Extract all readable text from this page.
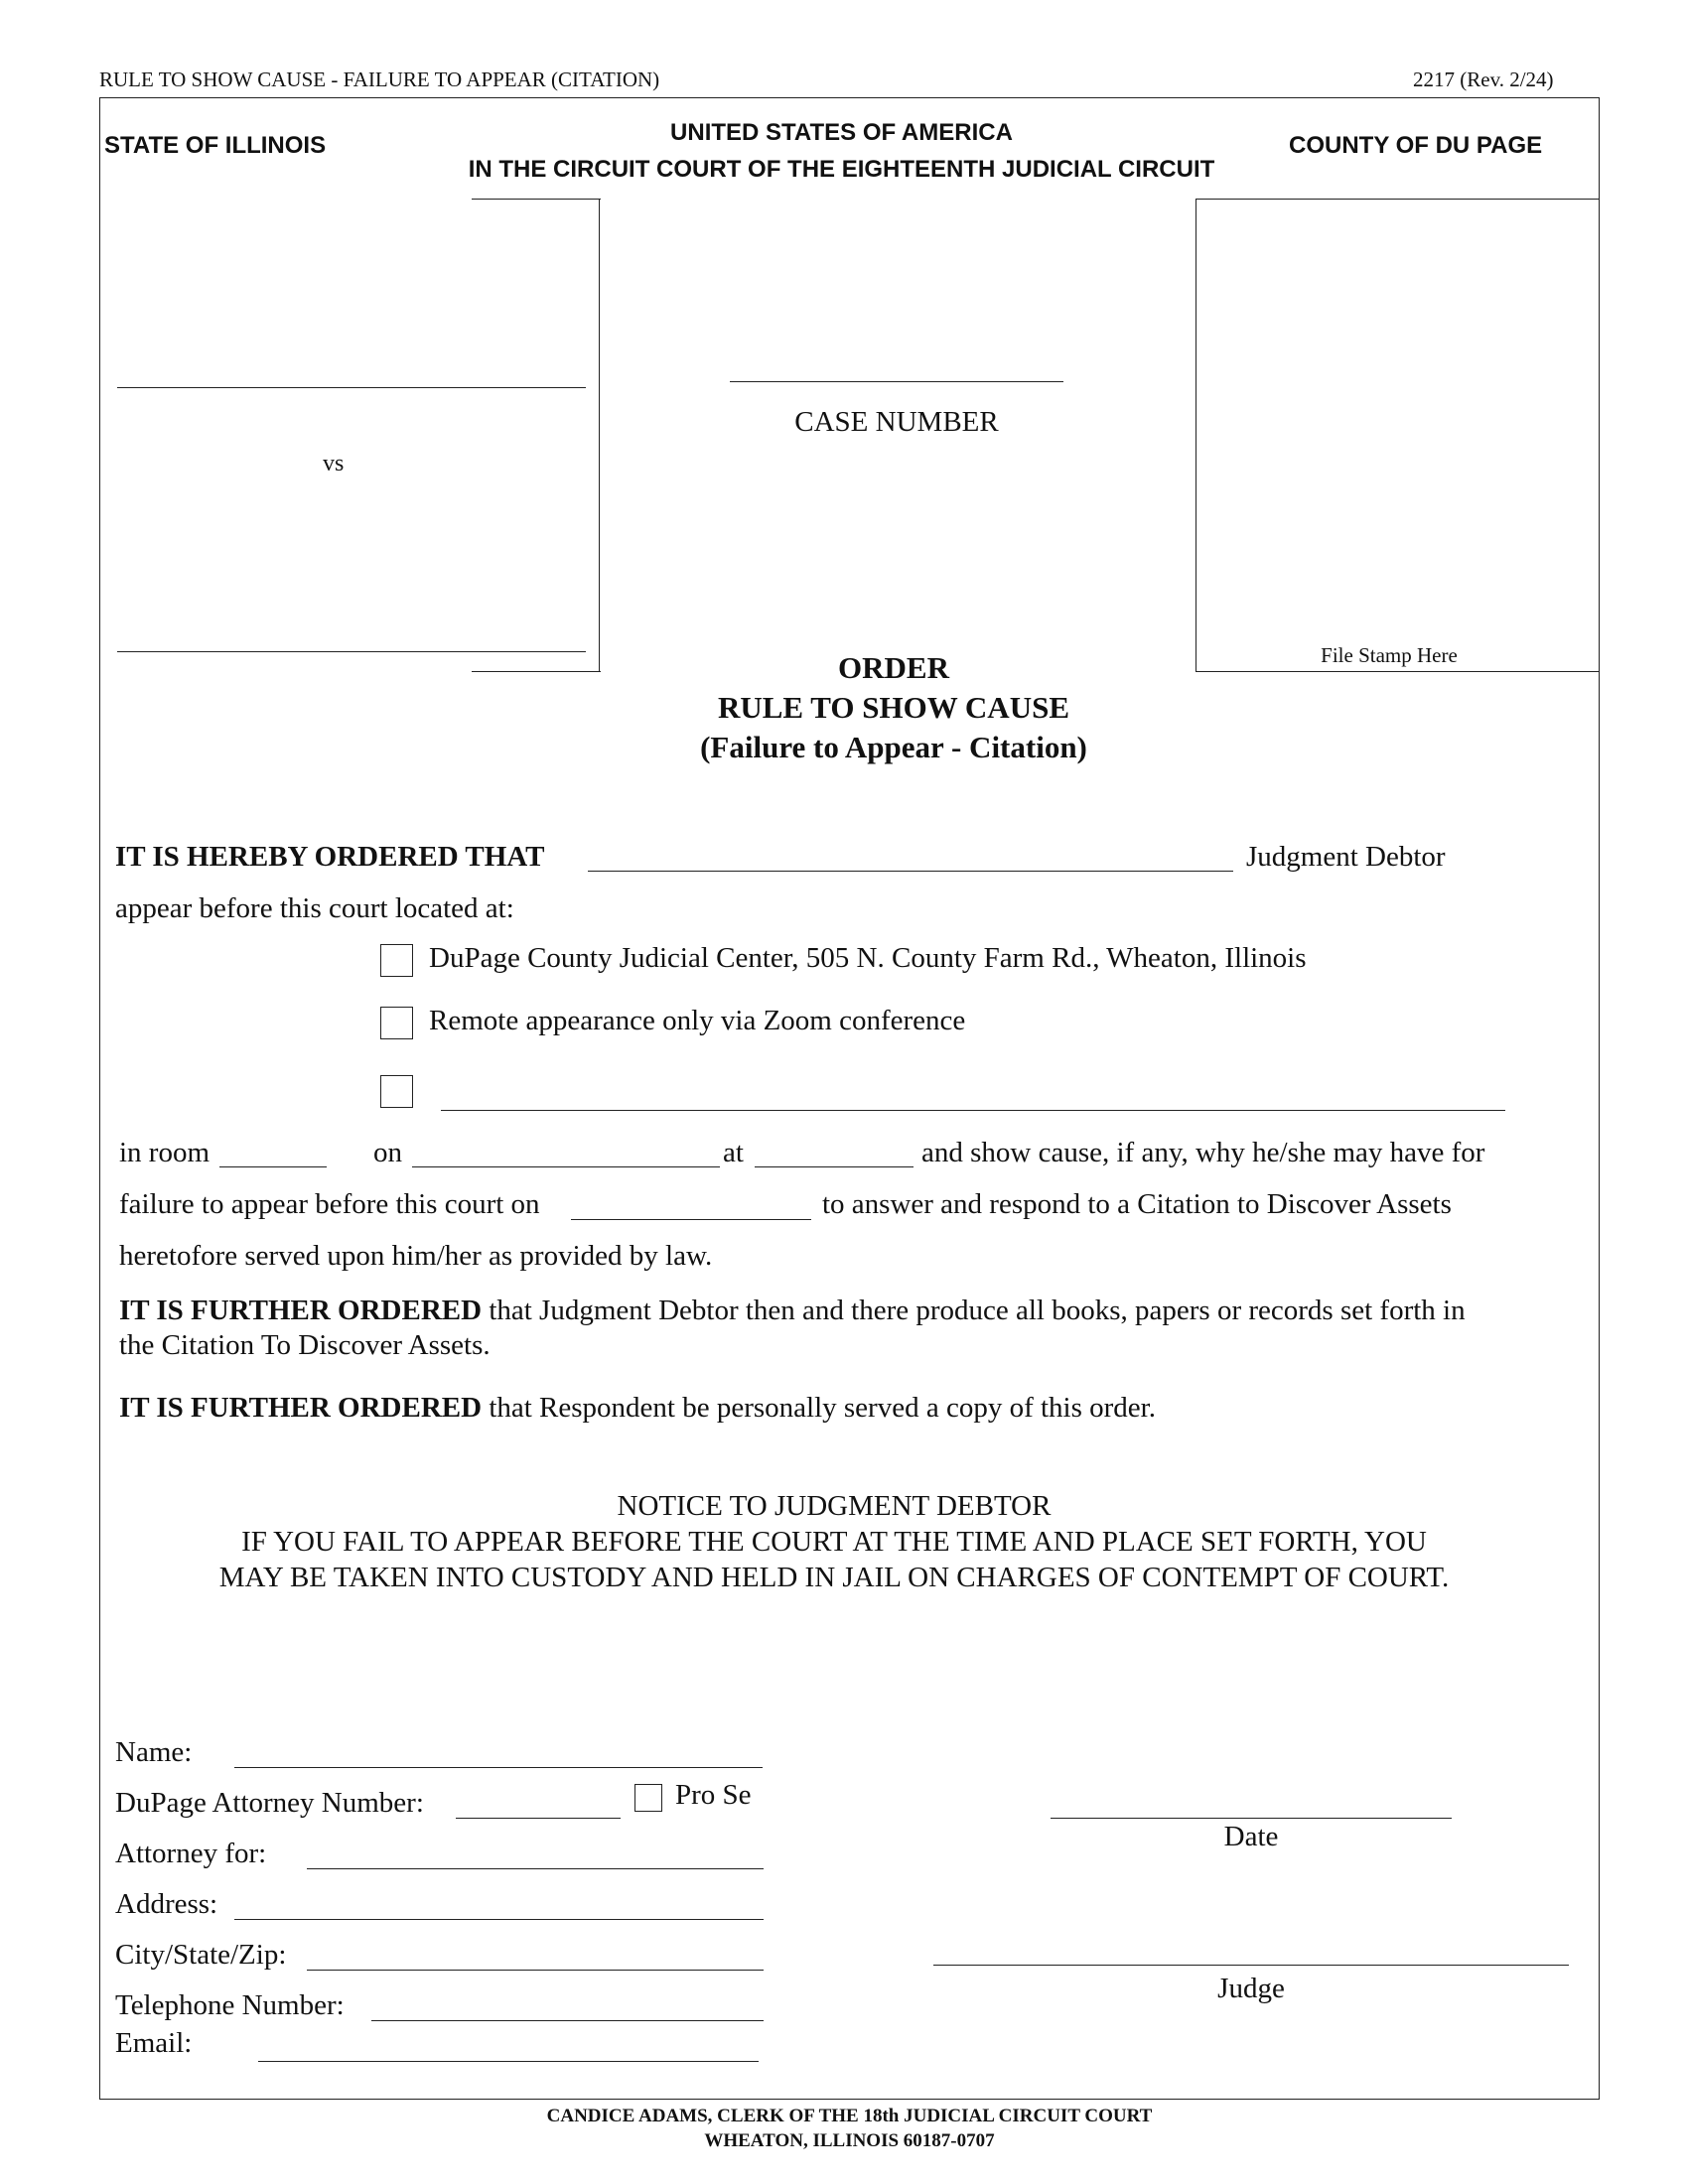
RULE TO SHOW CAUSE - FAILURE TO APPEAR (CITATION)	2217 (Rev. 2/24)
STATE OF ILLINOIS	UNITED STATES OF AMERICA
IN THE CIRCUIT COURT OF THE EIGHTEENTH JUDICIAL CIRCUIT
COUNTY OF DU PAGE
vs
CASE NUMBER
File Stamp Here
ORDER
RULE TO SHOW CAUSE
(Failure to Appear - Citation)
IT IS HEREBY ORDERED THAT	Judgment Debtor
appear before this court located at:
DuPage County Judicial Center, 505 N. County Farm Rd., Wheaton, Illinois
Remote appearance only via Zoom conference
in room	on	at	and show cause, if any, why he/she may have for
failure to appear before this court on	to answer and respond to a Citation to Discover Assets
heretofore served upon him/her as provided by law.
IT IS FURTHER ORDERED that Judgment Debtor then and there produce all books, papers or records set forth in
the Citation To Discover Assets.
IT IS FURTHER ORDERED that Respondent be personally served a copy of this order.
NOTICE TO JUDGMENT DEBTOR
IF YOU FAIL TO APPEAR BEFORE THE COURT AT THE TIME AND PLACE SET FORTH, YOU
MAY BE TAKEN INTO CUSTODY AND HELD IN JAIL ON CHARGES OF CONTEMPT OF COURT.
Name:
DuPage Attorney Number:	Pro Se
Attorney for:
Address:
City/State/Zip:
Telephone Number:
Email:
Date
Judge
CANDICE ADAMS, CLERK OF THE 18th JUDICIAL CIRCUIT COURT
WHEATON, ILLINOIS 60187-0707
